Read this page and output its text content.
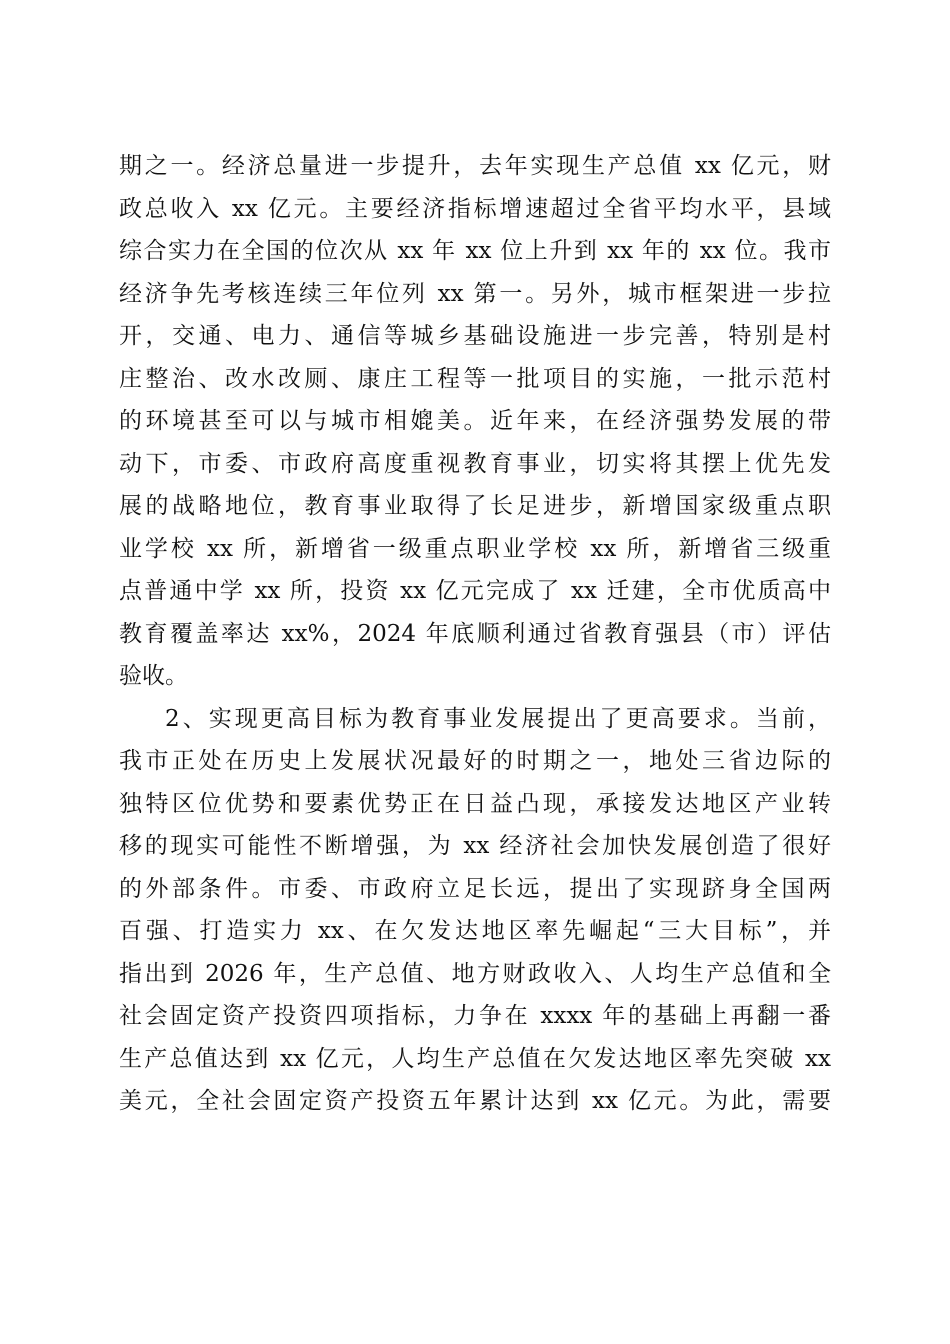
期之一。经济总量进一步提升，去年实现生产总值 xx 亿元，财
政总收入 xx 亿元。主要经济指标增速超过全省平均水平，县域
综合实力在全国的位次从 xx 年 xx 位上升到 xx 年的 xx 位。我市
经济争先考核连续三年位列 xx 第一。另外，城市框架进一步拉
开，交通、电力、通信等城乡基础设施进一步完善，特别是村
庄整治、改水改厕、康庄工程等一批项目的实施，一批示范村
的环境甚至可以与城市相媲美。近年来，在经济强势发展的带
动下，市委、市政府高度重视教育事业，切实将其摆上优先发
展的战略地位，教育事业取得了长足进步，新增国家级重点职
业学校 xx 所，新增省一级重点职业学校 xx 所，新增省三级重
点普通中学 xx 所，投资 xx 亿元完成了 xx 迁建，全市优质高中
教育覆盖率达 xx%，2024 年底顺利通过省教育强县（市）评估
验收。
2、实现更高目标为教育事业发展提出了更高要求。当前，
我市正处在历史上发展状况最好的时期之一，地处三省边际的
独特区位优势和要素优势正在日益凸现，承接发达地区产业转
移的现实可能性不断增强，为 xx 经济社会加快发展创造了很好
的外部条件。市委、市政府立足长远，提出了实现跻身全国两
百强、打造实力 xx、在欠发达地区率先崛起“三大目标”，并
指出到 2026 年，生产总值、地方财政收入、人均生产总值和全
社会固定资产投资四项指标，力争在 xxxx 年的基础上再翻一番
生产总值达到 xx 亿元，人均生产总值在欠发达地区率先突破 xx
美元，全社会固定资产投资五年累计达到 xx 亿元。为此，需要
